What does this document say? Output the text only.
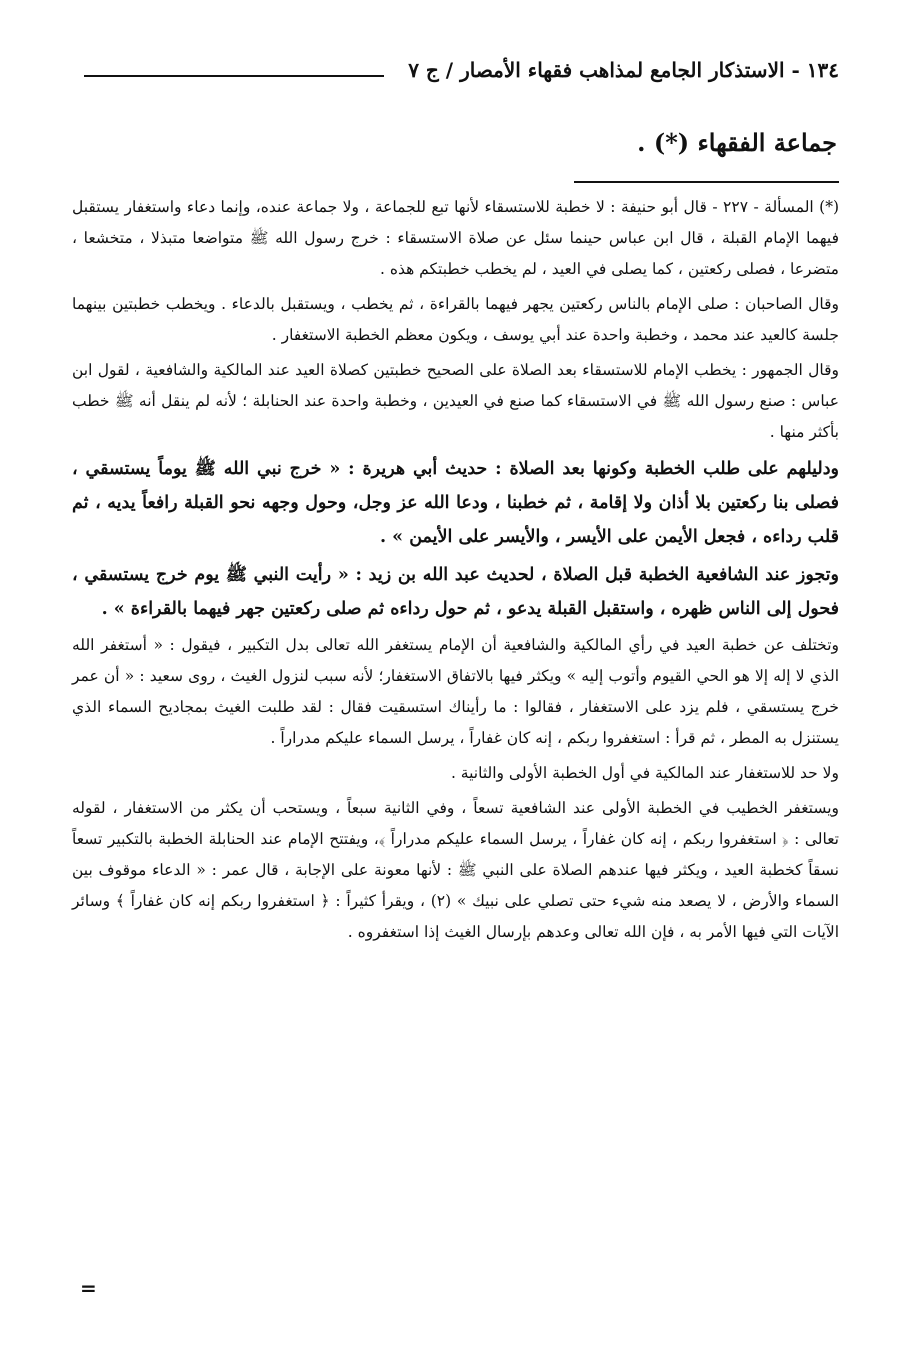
١٣٤ - الاستذكار الجامع لمذاهب فقهاء الأمصار / ج ٧
جماعة الفقهاء (*) .

(*) المسألة - ٢٢٧ - قال أبو حنيفة : لا خطبة للاستسقاء لأنها تبع للجماعة ، ولا جماعة عنده، وإنما دعاء واستغفار يستقبل فيهما الإمام القبلة ، قال ابن عباس حينما سئل عن صلاة الاستسقاء : خرج رسول الله ﷺ متواضعا متبذلا ، متخشعا ، متضرعا ، فصلى ركعتين ، كما يصلى في العيد ، لم يخطب خطبتكم هذه .

وقال الصاحبان : صلى الإمام بالناس ركعتين يجهر فيهما بالقراءة ، ثم يخطب ، ويستقبل بالدعاء . ويخطب خطبتين بينهما جلسة كالعيد عند محمد ، وخطبة واحدة عند أبي يوسف ، ويكون معظم الخطبة الاستغفار .

وقال الجمهور : يخطب الإمام للاستسقاء بعد الصلاة على الصحيح خطبتين كصلاة العيد عند المالكية والشافعية ، لقول ابن عباس : صنع رسول الله ﷺ في الاستسقاء كما صنع في العيدين ، وخطبة واحدة عند الحنابلة ؛ لأنه لم ينقل أنه ﷺ خطب بأكثر منها .

ودليلهم على طلب الخطبة وكونها بعد الصلاة : حديث أبي هريرة : « خرج نبي الله ﷺ يوماً يستسقي ، فصلى بنا ركعتين بلا أذان ولا إقامة ، ثم خطبنا ، ودعا الله عز وجل، وحول وجهه نحو القبلة رافعاً يديه ، ثم قلب رداءه ، فجعل الأيمن على الأيسر ، والأيسر على الأيمن » .

وتجوز عند الشافعية الخطبة قبل الصلاة ، لحديث عبد الله بن زيد : « رأيت النبي ﷺ يوم خرج يستسقي ، فحول إلى الناس ظهره ، واستقبل القبلة يدعو ، ثم حول رداءه ثم صلى ركعتين جهر فيهما بالقراءة » .

وتختلف عن خطبة العيد في رأي المالكية والشافعية أن الإمام يستغفر الله تعالى بدل التكبير ، فيقول : « أستغفر الله الذي لا إله إلا هو الحي القيوم وأتوب إليه » ويكثر فيها بالاتفاق الاستغفار؛ لأنه سبب لنزول الغيث ، روى سعيد : « أن عمر خرج يستسقي ، فلم يزد على الاستغفار ، فقالوا : ما رأيناك استسقيت فقال : لقد طلبت الغيث بمجاديح السماء الذي يستنزل به المطر ، ثم قرأ : استغفروا ربكم ، إنه كان غفاراً ، يرسل السماء عليكم مدراراً .

ولا حد للاستغفار عند المالكية في أول الخطبة الأولى والثانية .

ويستغفر الخطيب في الخطبة الأولى عند الشافعية تسعاً ، وفي الثانية سبعاً ، ويستحب أن يكثر من الاستغفار ، لقوله تعالى : ﴿ استغفروا ربكم ، إنه كان غفاراً ، يرسل السماء عليكم مدراراً ﴾، ويفتتح الإمام عند الحنابلة الخطبة بالتكبير تسعاً نسقاً كخطبة العيد ، ويكثر فيها عندهم الصلاة على النبي ﷺ : لأنها معونة على الإجابة ، قال عمر : « الدعاء موقوف بين السماء والأرض ، لا يصعد منه شيء حتى تصلي على نبيك » (٢) ، ويقرأ كثيراً : ﴿ استغفروا ربكم إنه كان غفاراً ﴾ وسائر الآيات التي فيها الأمر به ، فإن الله تعالى وعدهم بإرسال الغيث إذا استغفروه .

=
